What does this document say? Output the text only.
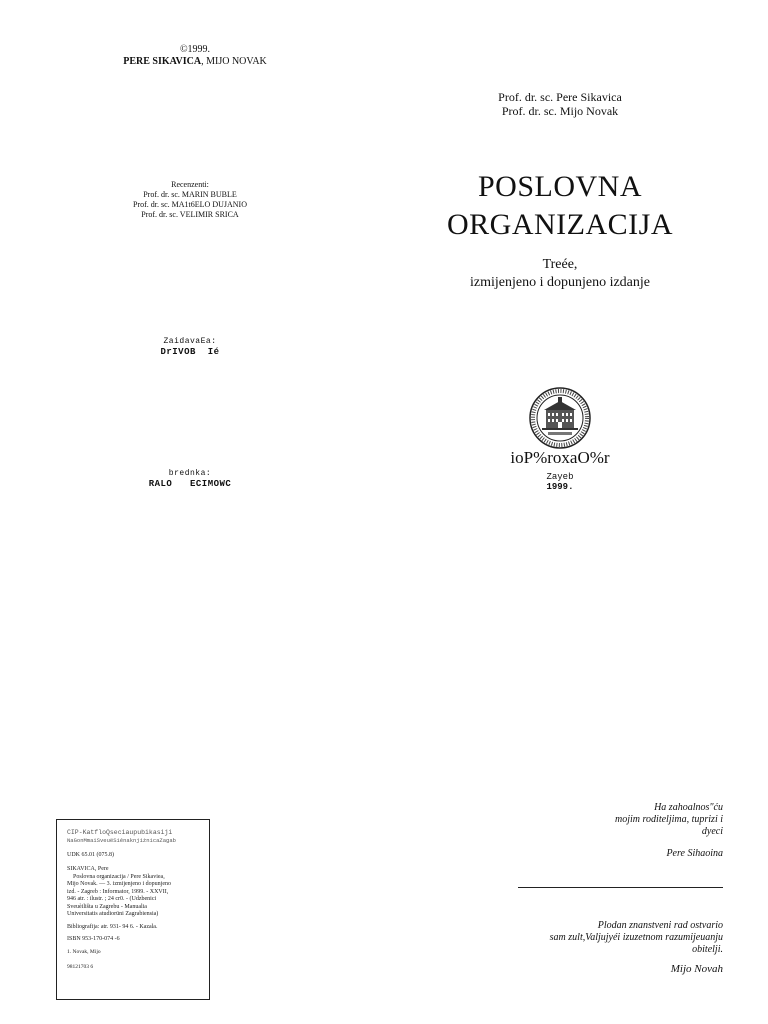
©1999.
PERE SIKAVICA, MIJO NOVAK
Recenzenti:
Prof. dr. sc. MARIN BUBLE
Prof. dr. sc. MA1t6ELO DUJANIO
Prof. dr. sc. VELIMIR SRICA
ZaidavaEa:
DrIVOB  Ié
brednka:
RALO   ECIMOWC
Prof. dr. sc. Pere Sikavica
Prof. dr. sc. Mijo Novak
POSLOVNA
ORGANIZACIJA
Treée,
izmijenjeno i dopunjeno izdanje
ioP%roxaO%r
Zayeb
1999.
Ha zahoalnos"ću
mojim roditeljima, tuprizi i
dyeci
Pere Sihaoina
Plodan znanstveni rad ostvario
sam zult,Valjujyéi izuzetnom razumijeuanju
obitelji.
Mijo Novah
CIP-KatfloQseciaupubikasiji
NaGonMmaiSveuëSiénaknjiżnicaZagab
UDK 65.01 (075.8)
SIKAVICA, Pere
Poslovna organizacija / Pere Sikaviea,
Mijo Novak. — 3. izmijenjeno i dopunjeno
izd. - Zagreb : Informator, 1999. - XXVII,
946 atr. : ilustr. ; 24 cr0. - (Udzbenici
Sveuèilišta u Zagrebu - Manualia
Universitatis atudiorüni Zagrabiensia)
Bibliografija: atr. 931- 94 6. - Kazala.
ISBN 953-170-074 -6
1. Novak, Mijo
98121703 6
